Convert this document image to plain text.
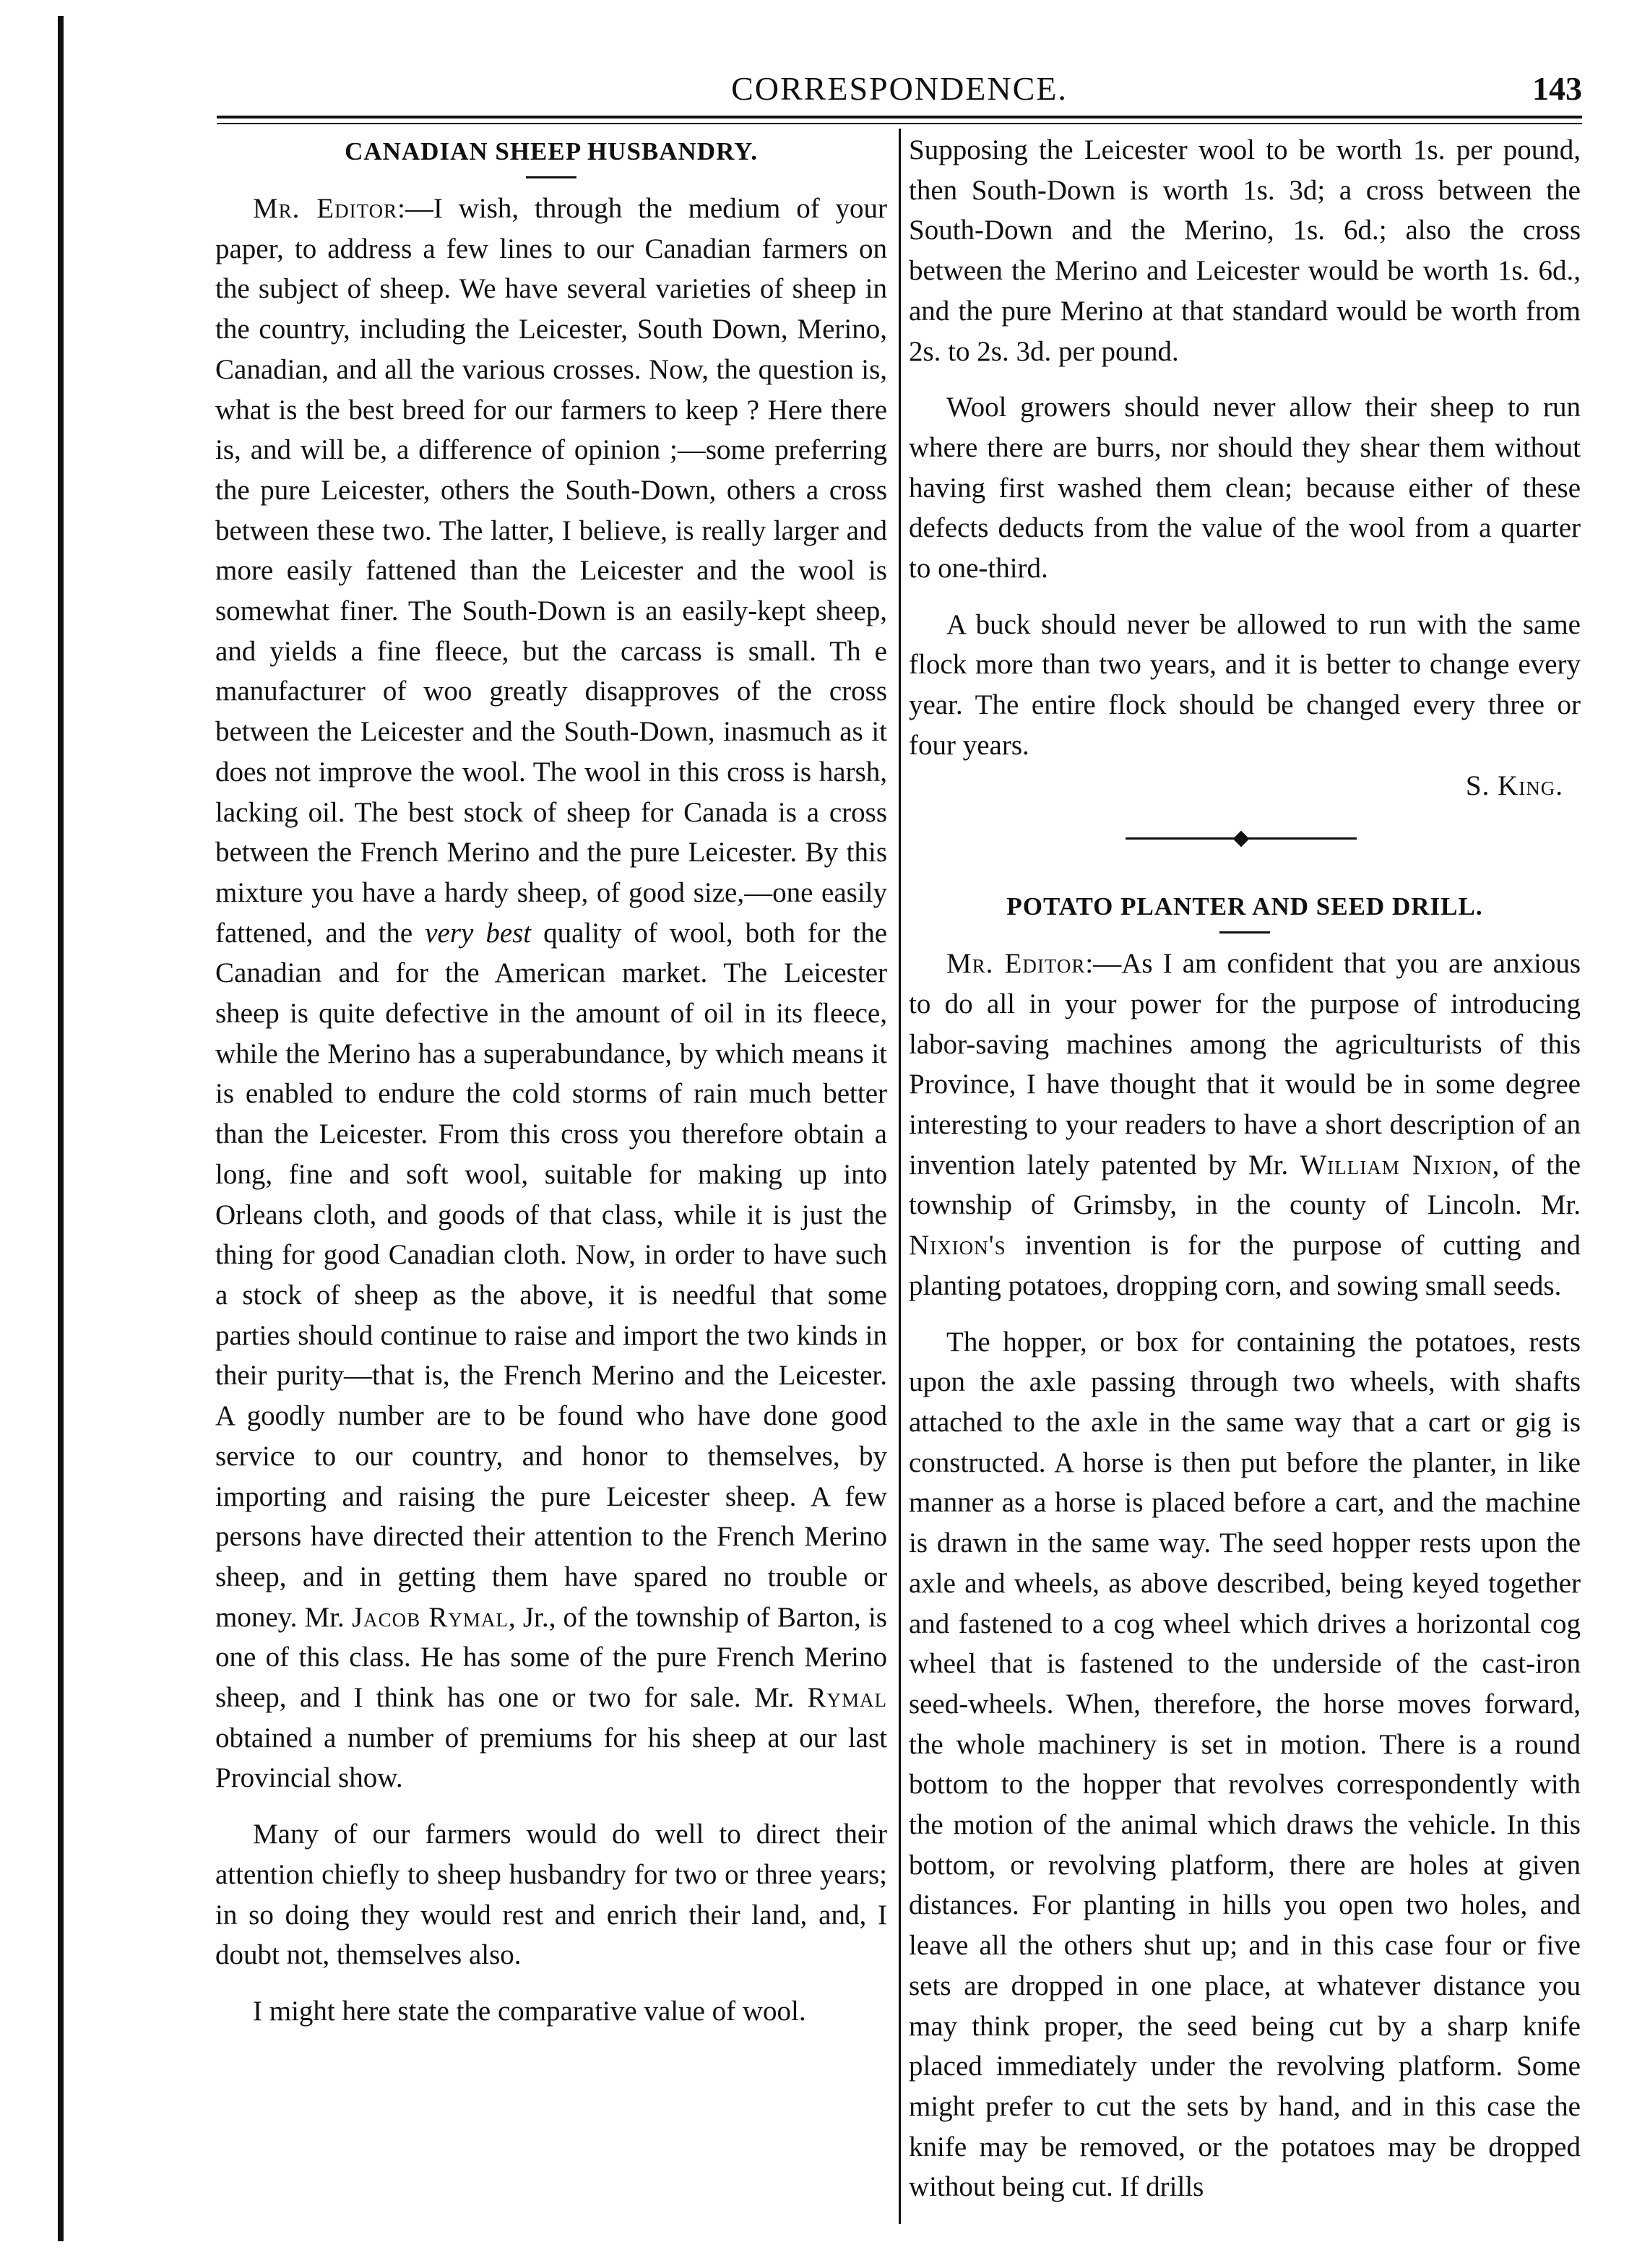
CORRESPONDENCE.	143
CANADIAN SHEEP HUSBANDRY.

Mr. Editor:—I wish, through the medium of your paper, to address a few lines to our Canadian farmers on the subject of sheep. We have several varieties of sheep in the country, including the Leicester, South Down, Merino, Canadian, and all the various crosses. Now, the question is, what is the best breed for our farmers to keep ? Here there is, and will be, a difference of opinion ;—some preferring the pure Leicester, others the South-Down, others a cross between these two. The latter, I believe, is really larger and more easily fattened than the Leicester and the wool is somewhat finer. The South-Down is an easily-kept sheep, and yields a fine fleece, but the carcass is small. Th e manufacturer of woo greatly disapproves of the cross between the Leicester and the South-Down, inasmuch as it does not improve the wool. The wool in this cross is harsh, lacking oil. The best stock of sheep for Canada is a cross between the French Merino and the pure Leicester. By this mixture you have a hardy sheep, of good size,—one easily fattened, and the very best quality of wool, both for the Canadian and for the American market. The Leicester sheep is quite defective in the amount of oil in its fleece, while the Merino has a superabundance, by which means it is enabled to endure the cold storms of rain much better than the Leicester. From this cross you therefore obtain a long, fine and soft wool, suitable for making up into Orleans cloth, and goods of that class, while it is just the thing for good Canadian cloth. Now, in order to have such a stock of sheep as the above, it is needful that some parties should continue to raise and import the two kinds in their purity—that is, the French Merino and the Leicester. A goodly number are to be found who have done good service to our country, and honor to themselves, by importing and raising the pure Leicester sheep. A few persons have directed their attention to the French Merino sheep, and in getting them have spared no trouble or money. Mr. Jacob Rymal, Jr., of the township of Barton, is one of this class. He has some of the pure French Merino sheep, and I think has one or two for sale. Mr. Rymal obtained a number of premiums for his sheep at our last Provincial show.

Many of our farmers would do well to direct their attention chiefly to sheep husbandry for two or three years; in so doing they would rest and enrich their land, and, I doubt not, themselves also.

I might here state the comparative value of wool.

Supposing the Leicester wool to be worth 1s. per pound, then South-Down is worth 1s. 3d; a cross between the South-Down and the Merino, 1s. 6d.; also the cross between the Merino and Leicester would be worth 1s. 6d., and the pure Merino at that standard would be worth from 2s. to 2s. 3d. per pound.

Wool growers should never allow their sheep to run where there are burrs, nor should they shear them without having first washed them clean; because either of these defects deducts from the value of the wool from a quarter to one-third.

A buck should never be allowed to run with the same flock more than two years, and it is better to change every year. The entire flock should be changed every three or four years.

S. King.
POTATO PLANTER AND SEED DRILL.

Mr. Editor:—As I am confident that you are anxious to do all in your power for the purpose of introducing labor-saving machines among the agriculturists of this Province, I have thought that it would be in some degree interesting to your readers to have a short description of an invention lately patented by Mr. William Nixion, of the township of Grimsby, in the county of Lincoln. Mr. Nixion's invention is for the purpose of cutting and planting potatoes, dropping corn, and sowing small seeds.

The hopper, or box for containing the potatoes, rests upon the axle passing through two wheels, with shafts attached to the axle in the same way that a cart or gig is constructed. A horse is then put before the planter, in like manner as a horse is placed before a cart, and the machine is drawn in the same way. The seed hopper rests upon the axle and wheels, as above described, being keyed together and fastened to a cog wheel which drives a horizontal cog wheel that is fastened to the underside of the cast-iron seed-wheels. When, therefore, the horse moves forward, the whole machinery is set in motion. There is a round bottom to the hopper that revolves correspondently with the motion of the animal which draws the vehicle. In this bottom, or revolving platform, there are holes at given distances. For planting in hills you open two holes, and leave all the others shut up; and in this case four or five sets are dropped in one place, at whatever distance you may think proper, the seed being cut by a sharp knife placed immediately under the revolving platform. Some might prefer to cut the sets by hand, and in this case the knife may be removed, or the potatoes may be dropped without being cut. If drills
